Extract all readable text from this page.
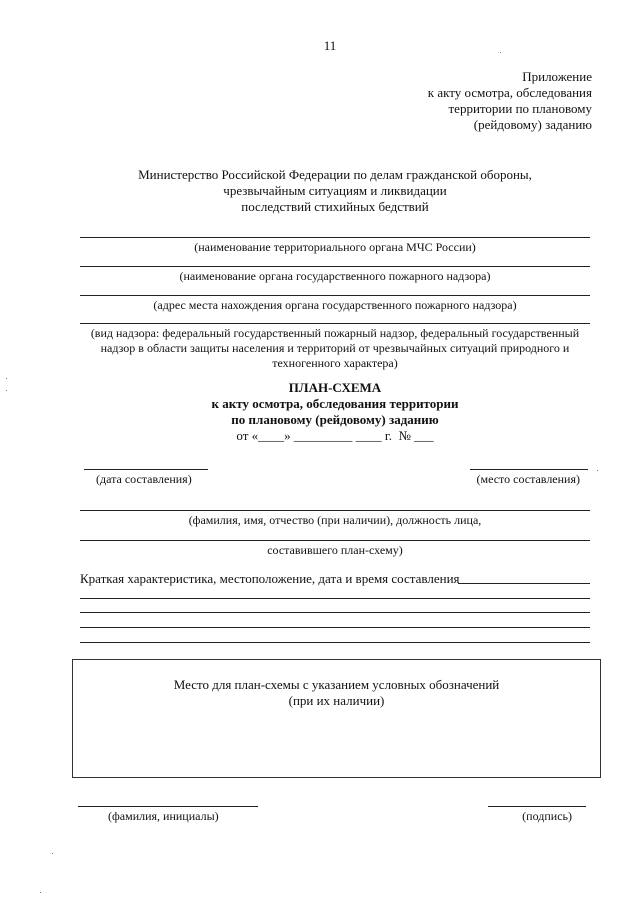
11
Приложение
к акту осмотра, обследования
территории по плановому
(рейдовому) заданию
Министерство Российской Федерации по делам гражданской обороны,
чрезвычайным ситуациям и ликвидации
последствий стихийных бедствий
(наименование территориального органа МЧС России)
(наименование органа государственного пожарного надзора)
(адрес места нахождения органа государственного пожарного надзора)
(вид надзора: федеральный государственный пожарный надзор, федеральный государственный
надзор в области защиты населения и территорий от чрезвычайных ситуаций природного и
техногенного характера)
ПЛАН-СХЕМА
к акту осмотра, обследования территории
по плановому (рейдовому) заданию
от «____» _________ ____ г.  № ___
(дата составления)	(место составления)
(фамилия, имя, отчество (при наличии), должность лица,
составившего план-схему)
Краткая характеристика, местоположение, дата и время составления
Место для план-схемы с указанием условных обозначений
(при их наличии)
(фамилия, инициалы)	(подпись)
